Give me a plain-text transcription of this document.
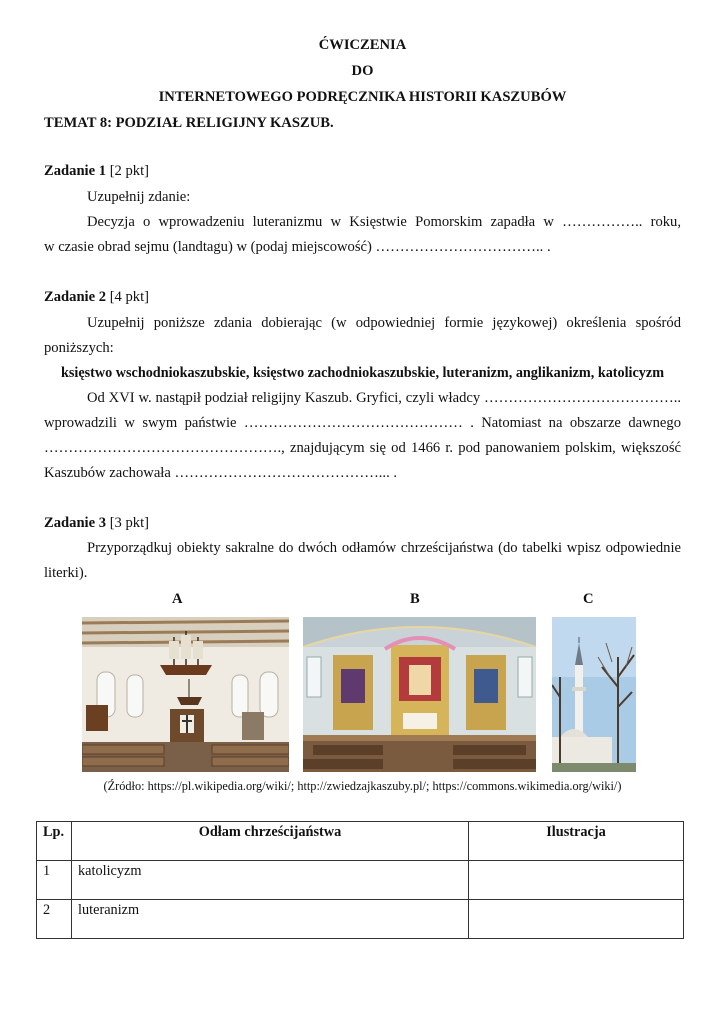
ĆWICZENIA
DO
INTERNETOWEGO PODRĘCZNIKA HISTORII KASZUBÓW
TEMAT 8: PODZIAŁ RELIGIJNY KASZUB.
Zadanie 1 [2 pkt]
Uzupełnij zdanie:
Decyzja o wprowadzeniu luteranizmu w Księstwie Pomorskim zapadła w …………….. roku,
w czasie obrad sejmu (landtagu) w (podaj miejscowość) …………………………….. .
Zadanie 2 [4 pkt]
Uzupełnij poniższe zdania dobierając (w odpowiedniej formie językowej) określenia spośród
poniższych:
księstwo wschodniokaszubskie, księstwo zachodniokaszubskie, luteranizm, anglikanizm, katolicyzm
Od XVI w. nastąpił podział religijny Kaszub. Gryfici, czyli władcy …………………………………..
wprowadzili w swym państwie ……………………………………… . Natomiast na obszarze dawnego
…………………………………………., znajdującym się od 1466 r. pod panowaniem polskim, większość
Kaszubów zachowała ……………………………………... .
Zadanie 3 [3 pkt]
Przyporządkuj obiekty sakralne do dwóch odłamów chrześcijaństwa (do tabelki wpisz odpowiednie
literki).
A	B	C
(Źródło: https://pl.wikipedia.org/wiki/; http://zwiedzajkaszuby.pl/; https://commons.wikimedia.org/wiki/)
Lp.	Odłam chrześcijaństwa	Ilustracja
1	katolicyzm	
2	luteranizm	
